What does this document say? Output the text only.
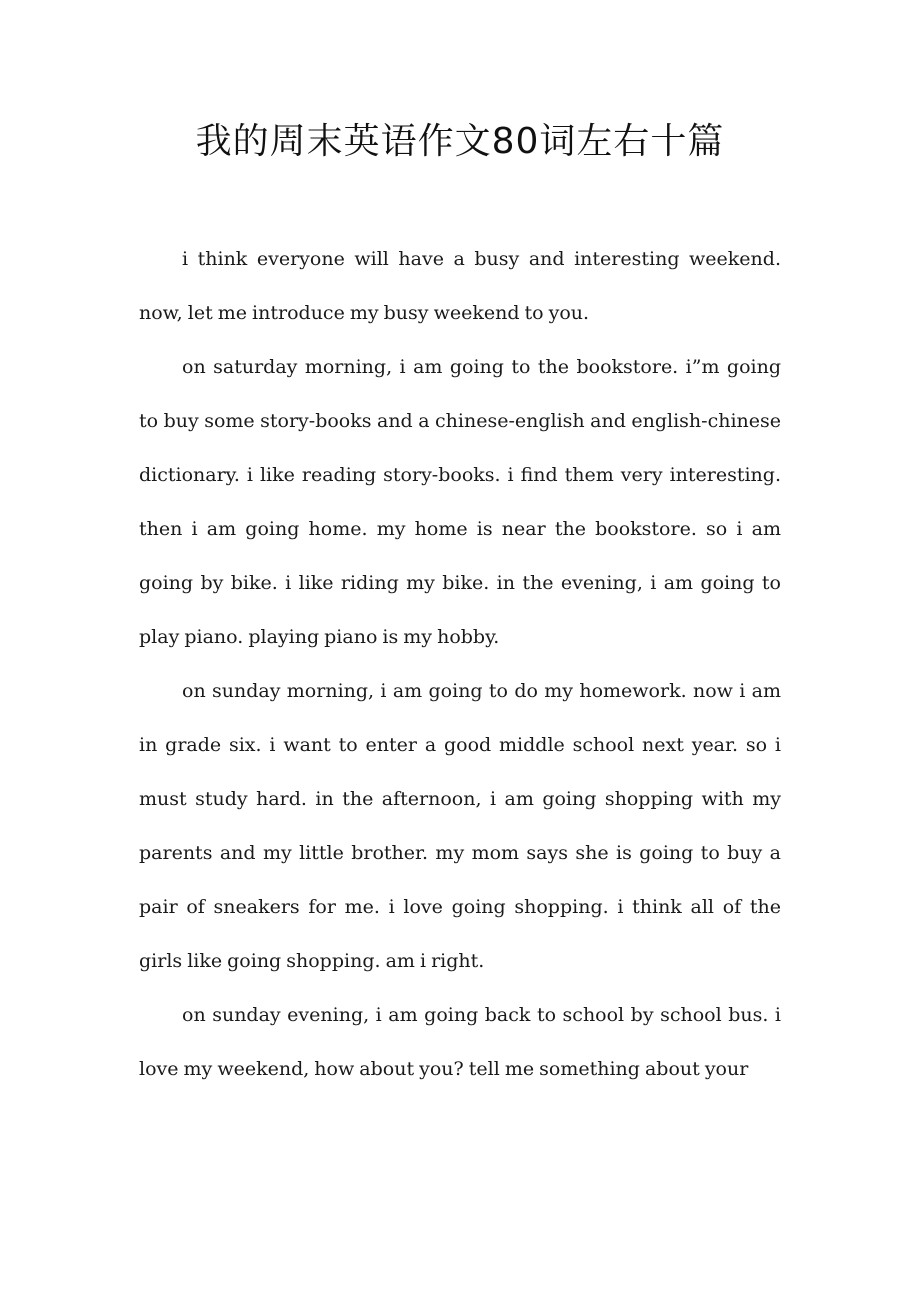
我的周末英语作文80词左右十篇

i think everyone will have a busy and interesting weekend. now, let me introduce my busy weekend to you.

on saturday morning, i am going to the bookstore. i”m going to buy some story-books and a chinese-english and english-chinese dictionary. i like reading story-books. i find them very interesting. then i am going home. my home is near the bookstore. so i am going by bike. i like riding my bike. in the evening, i am going to play piano. playing piano is my hobby.

on sunday morning, i am going to do my homework. now i am in grade six. i want to enter a good middle school next year. so i must study hard. in the afternoon, i am going shopping with my parents and my little brother. my mom says she is going to buy a pair of sneakers for me. i love going shopping. i think all of the girls like going shopping. am i right.

on sunday evening, i am going back to school by school bus. i love my weekend, how about you? tell me something about your
